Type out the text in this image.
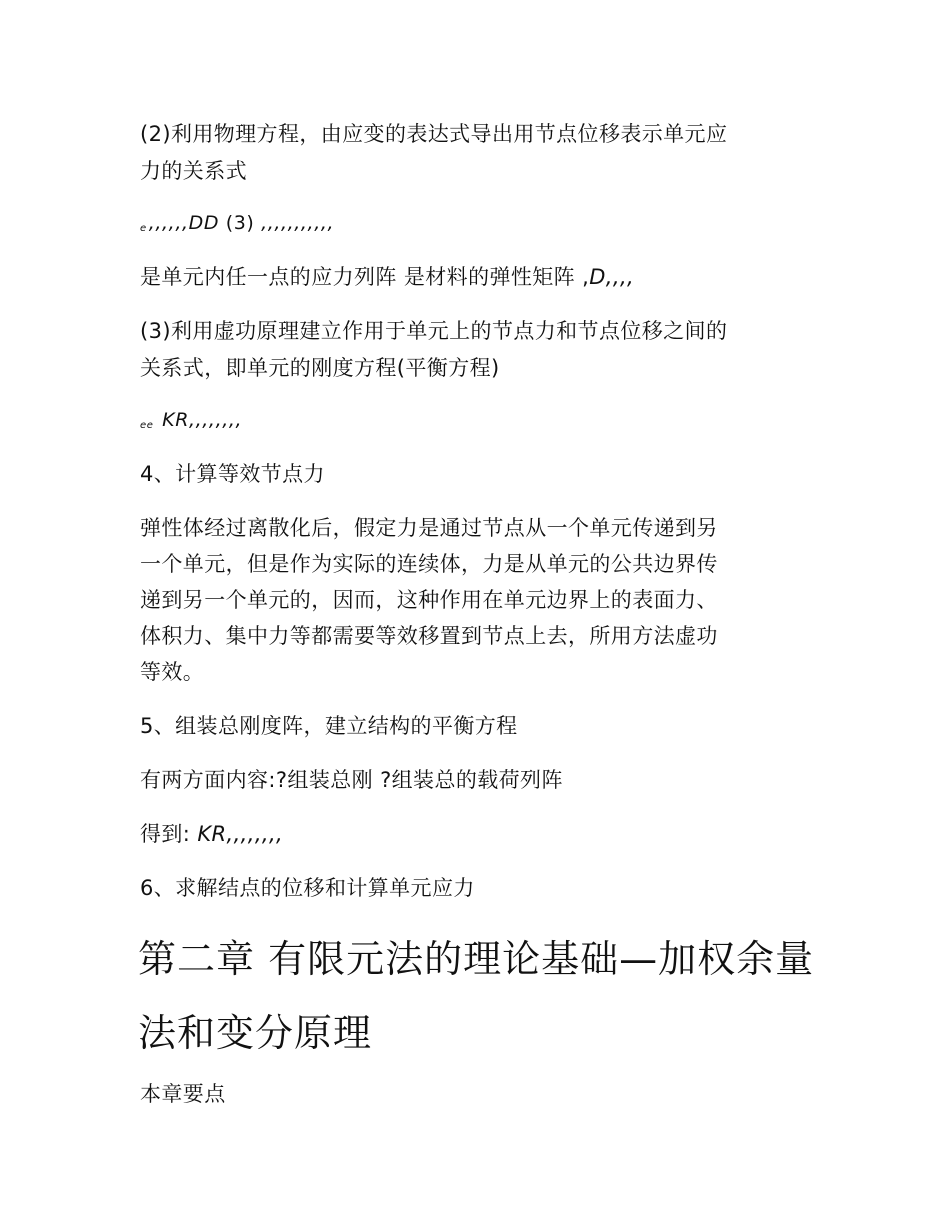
(2)利用物理方程，由应变的表达式导出用节点位移表示单元应
力的关系式
$_e$ ,,,,,,DD (3) ,,,,,,,,,,,
是单元内任一点的应力列阵 是材料的弹性矩阵 ,D,,,,
(3)利用虚功原理建立作用于单元上的节点力和节点位移之间的
关系式，即单元的刚度方程(平衡方程)
$_{ee}$ KR,,,,,,,,
4、计算等效节点力
弹性体经过离散化后，假定力是通过节点从一个单元传递到另
一个单元，但是作为实际的连续体，力是从单元的公共边界传
递到另一个单元的，因而，这种作用在单元边界上的表面力、
体积力、集中力等都需要等效移置到节点上去，所用方法虚功
等效。
5、组装总刚度阵，建立结构的平衡方程
有两方面内容:?组装总刚 ?组装总的载荷列阵
得到: KR,,,,,,,,
6、求解结点的位移和计算单元应力
第二章 有限元法的理论基础—加权余量
法和变分原理
本章要点
